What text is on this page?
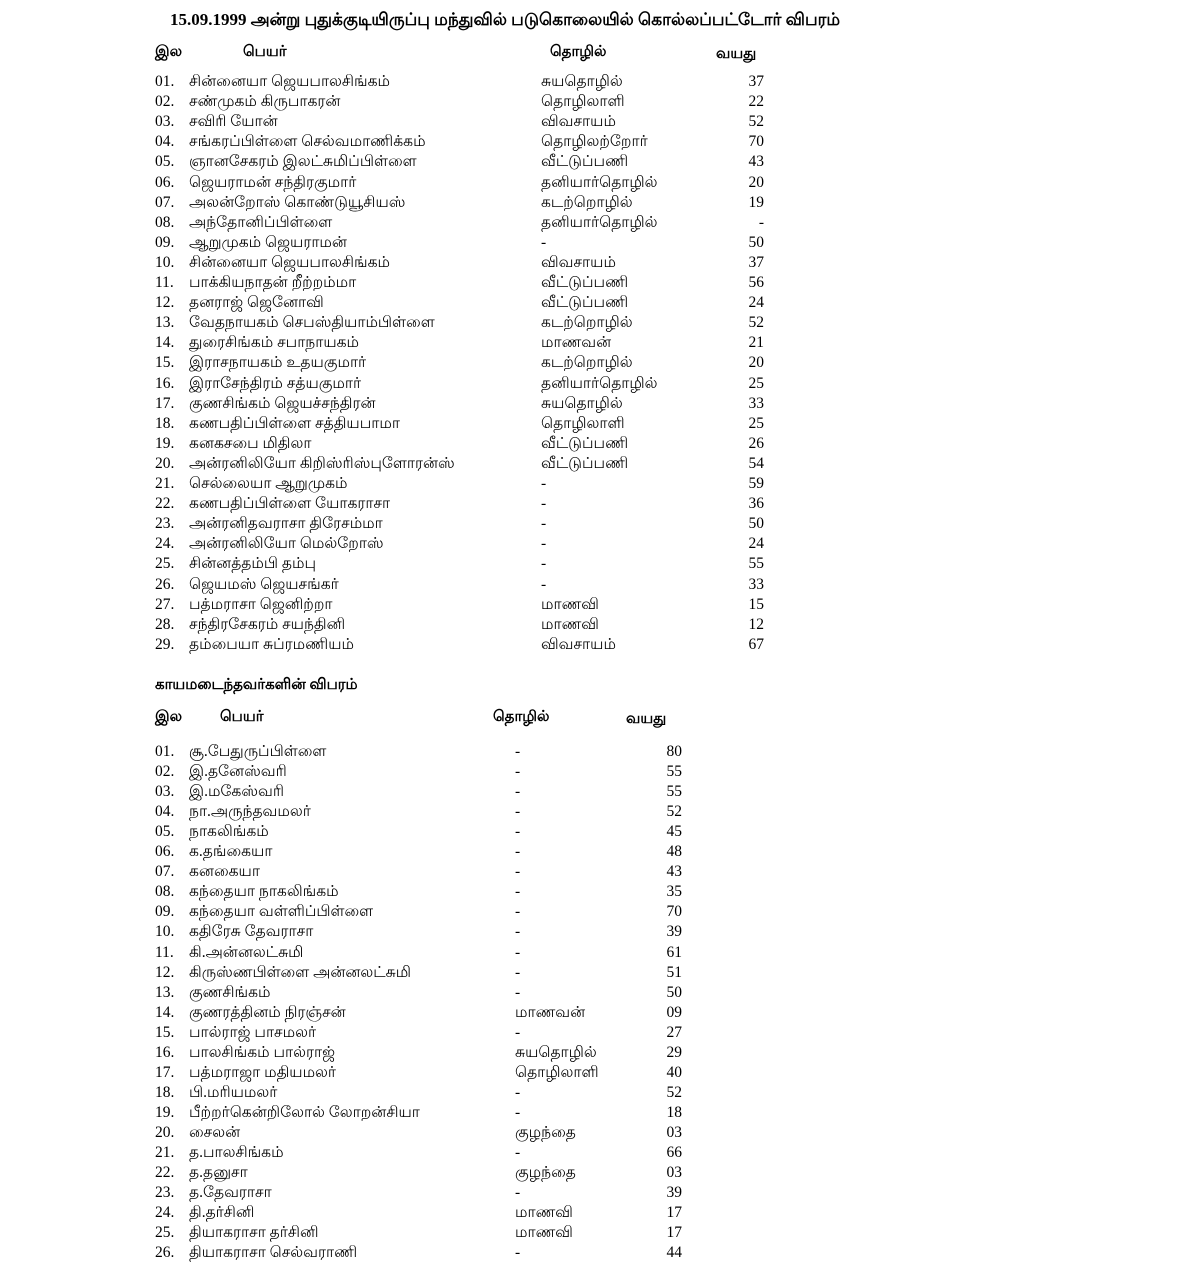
15.09.1999 அன்று புதுக்குடியிருப்பு மந்துவில் படுகொலையில் கொல்லப்பட்டோர் விபரம்
இல	பெயர்	தொழில்	வயது
01. சின்னையா ஜெயபாலசிங்கம்	சுயதொழில்	37
02. சண்முகம் கிருபாகரன்	தொழிலாளி	22
03. சவிரி யோன்	விவசாயம்	52
04. சங்கரப்பிள்ளை செல்வமாணிக்கம்	தொழிலற்றோர்	70
05. ஞானசேகரம் இலட்சுமிப்பிள்ளை	வீட்டுப்பணி	43
06. ஜெயராமன் சந்திரகுமார்	தனியார்தொழில்	20
07. அலன்றோஸ் கொண்டுயூசியஸ்	கடற்றொழில்	19
08. அந்தோனிப்பிள்ளை	தனியார்தொழில்	-
09. ஆறுமுகம் ஜெயராமன்	-	50
10. சின்னையா ஜெயபாலசிங்கம்	விவசாயம்	37
11. பாக்கியநாதன் றீற்றம்மா	வீட்டுப்பணி	56
12. தனராஜ் ஜெனோவி	வீட்டுப்பணி	24
13. வேதநாயகம் செபஸ்தியாம்பிள்ளை	கடற்றொழில்	52
14. துரைசிங்கம் சபாநாயகம்	மாணவன்	21
15. இராசநாயகம் உதயகுமார்	கடற்றொழில்	20
16. இராசேந்திரம் சத்யகுமார்	தனியார்தொழில்	25
17. குணசிங்கம் ஜெயச்சந்திரன்	சுயதொழில்	33
18. கணபதிப்பிள்ளை சத்தியபாமா	தொழிலாளி	25
19. கனகசபை மிதிலா	வீட்டுப்பணி	26
20. அன்ரனிலியோ கிறிஸ்ரிஸ்புளோரன்ஸ்	வீட்டுப்பணி	54
21. செல்லையா ஆறுமுகம்	-	59
22. கணபதிப்பிள்ளை யோகராசா	-	36
23. அன்ரனிதவராசா திரேசம்மா	-	50
24. அன்ரனிலியோ மெல்றோஸ்	-	24
25. சின்னத்தம்பி தம்பு	-	55
26. ஜெயமஸ் ஜெயசங்கர்	-	33
27. பத்மராசா ஜெனிற்றா	மாணவி	15
28. சந்திரசேகரம் சயந்தினி	மாணவி	12
29. தம்பையா சுப்ரமணியம்	விவசாயம்	67
காயமடைந்தவர்களின் விபரம்
இல	பெயர்	தொழில்	வயது
01. சூ.பேதுருப்பிள்ளை	-	80
02. இ.தனேஸ்வரி	-	55
03. இ.மகேஸ்வரி	-	55
04. நா.அருந்தவமலர்	-	52
05. நாகலிங்கம்	-	45
06. க.தங்கையா	-	48
07. கனகையா	-	43
08. கந்தையா நாகலிங்கம்	-	35
09. கந்தையா வள்ளிப்பிள்ளை	-	70
10. கதிரேசு தேவராசா	-	39
11. கி.அன்னலட்சுமி	-	61
12. கிருஸ்ணபிள்ளை அன்னலட்சுமி	-	51
13. குணசிங்கம்	-	50
14. குணரத்தினம் நிரஞ்சன்	மாணவன்	09
15. பால்ராஜ் பாசமலர்	-	27
16. பாலசிங்கம் பால்ராஜ்	சுயதொழில்	29
17. பத்மராஜா மதியமலர்	தொழிலாளி	40
18. பி.மரியமலர்	-	52
19. பீற்றர்கென்றிலோல் லோறன்சியா	-	18
20. சைலன்	குழந்தை	03
21. த.பாலசிங்கம்	-	66
22. த.தனுசா	குழந்தை	03
23. த.தேவராசா	-	39
24. தி.தர்சினி	மாணவி	17
25. தியாகராசா தர்சினி	மாணவி	17
26. தியாகராசா செல்வராணி	-	44
